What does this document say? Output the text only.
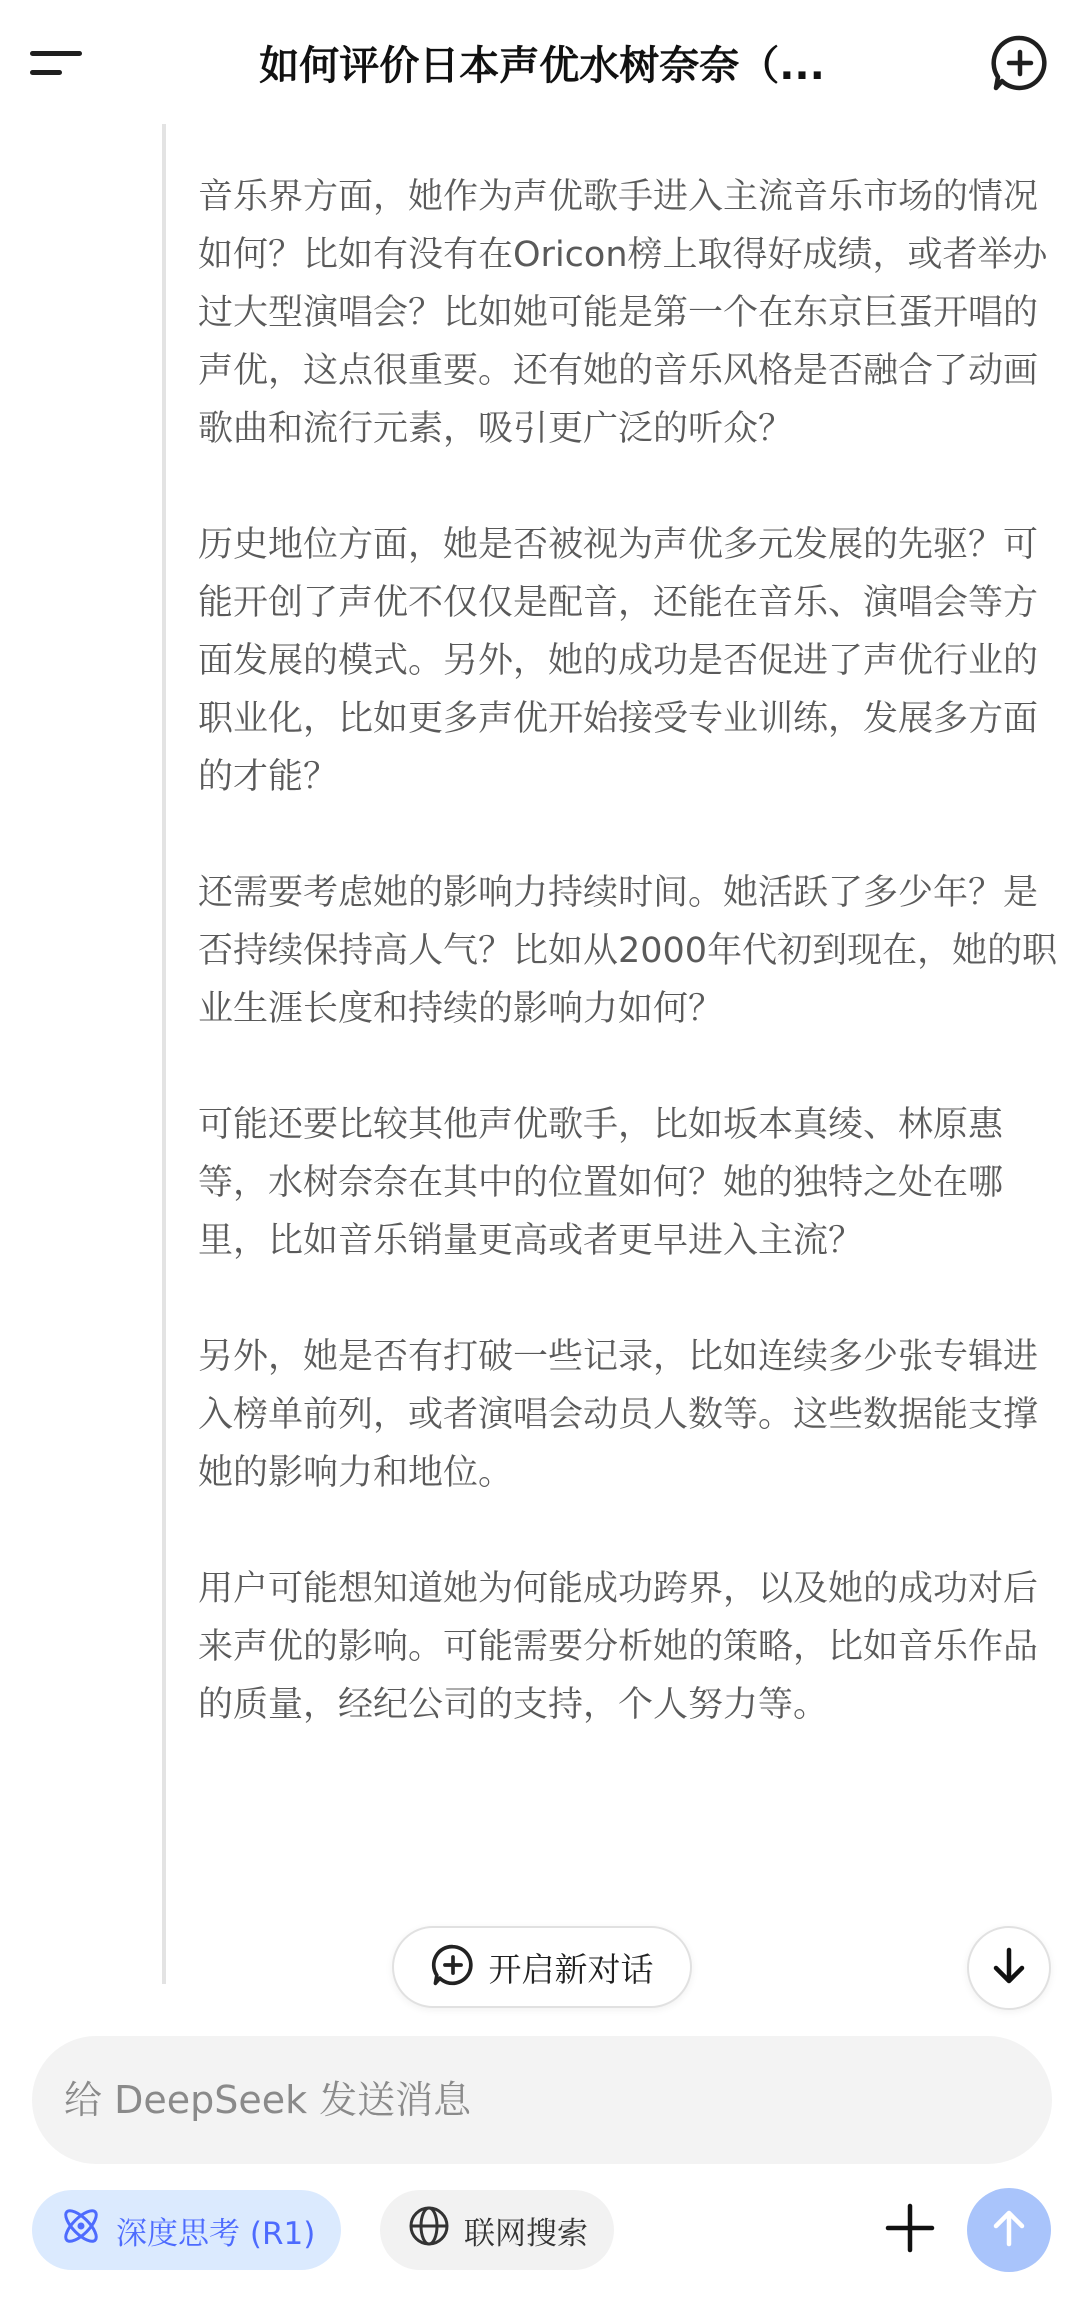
如何评价日本声优水树奈奈（...

音乐界方面，她作为声优歌手进入主流音乐市场的情况如何？比如有没有在Oricon榜上取得好成绩，或者举办过大型演唱会？比如她可能是第一个在东京巨蛋开唱的声优，这点很重要。还有她的音乐风格是否融合了动画歌曲和流行元素，吸引更广泛的听众？

历史地位方面，她是否被视为声优多元发展的先驱？可能开创了声优不仅仅是配音，还能在音乐、演唱会等方面发展的模式。另外，她的成功是否促进了声优行业的职业化，比如更多声优开始接受专业训练，发展多方面的才能？

还需要考虑她的影响力持续时间。她活跃了多少年？是否持续保持高人气？比如从2000年代初到现在，她的职业生涯长度和持续的影响力如何？

可能还要比较其他声优歌手，比如坂本真绫、林原惠等，水树奈奈在其中的位置如何？她的独特之处在哪里，比如音乐销量更高或者更早进入主流？

另外，她是否有打破一些记录，比如连续多少张专辑进入榜单前列，或者演唱会动员人数等。这些数据能支撑她的影响力和地位。

用户可能想知道她为何能成功跨界，以及她的成功对后来声优的影响。可能需要分析她的策略，比如音乐作品的质量，经纪公司的支持，个人努力等。

开启新对话
给 DeepSeek 发送消息
深度思考 (R1)	联网搜索
